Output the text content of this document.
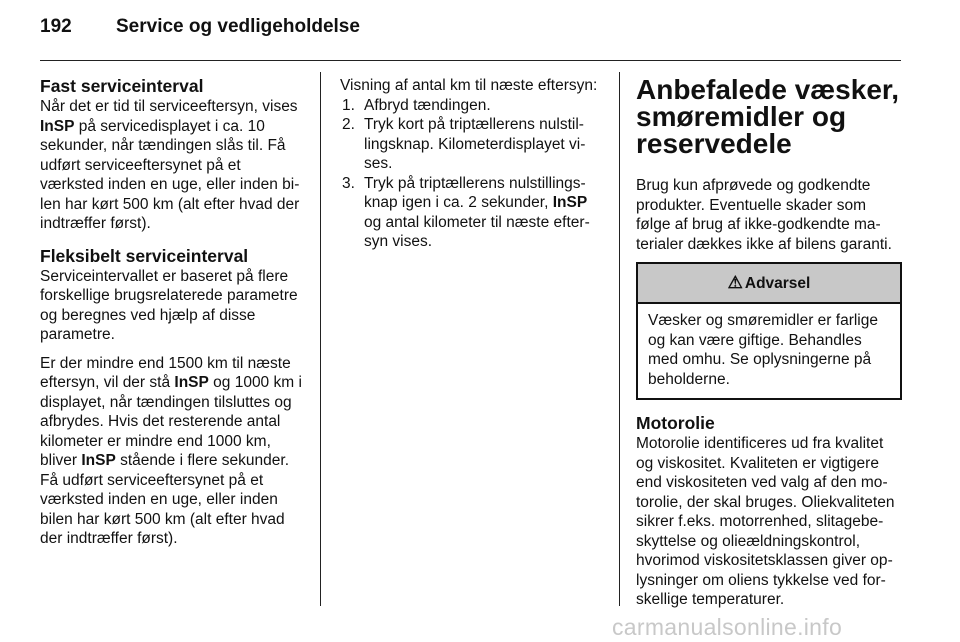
192 Service og vedligeholdelse
Fast serviceinterval

Når det er tid til serviceeftersyn, vises InSP på servicedisplayet i ca. 10 sekunder, når tændingen slås til. Få udført serviceeftersynet på et værksted inden en uge, eller inden bilen har kørt 500 km (alt efter hvad der indtræffer først).

Fleksibelt serviceinterval

Serviceintervallet er baseret på flere forskellige brugsrelaterede parametre og beregnes ved hjælp af disse parametre.

Er der mindre end 1500 km til næste eftersyn, vil der stå InSP og 1000 km i displayet, når tændingen tilsluttes og afbrydes. Hvis det resterende antal kilometer er mindre end 1000 km, bliver InSP stående i flere sekunder. Få udført serviceeftersynet på et værksted inden en uge, eller inden bilen har kørt 500 km (alt efter hvad der indtræffer først).

Visning af antal km til næste eftersyn:

1. Afbryd tændingen.
2. Tryk kort på triptællerens nulstillingsknap. Kilometerdisplayet vises.
3. Tryk på triptællerens nulstillingsknap igen i ca. 2 sekunder, InSP og antal kilometer til næste eftersyn vises.
Anbefalede væsker, smøremidler og reservedele

Brug kun afprøvede og godkendte produkter. Eventuelle skader som følge af brug af ikke-godkendte materialer dækkes ikke af bilens garanti.

⚠ Advarsel
Væsker og smøremidler er farlige og kan være giftige. Behandles med omhu. Se oplysningerne på beholderne.
Motorolie

Motorolie identificeres ud fra kvalitet og viskositet. Kvaliteten er vigtigere end viskositeten ved valg af den motorolie, der skal bruges. Oliekvaliteten sikrer f.eks. motorrenhed, slitagebeskyttelse og olieældningskontrol, hvorimod viskositetsklassen giver oplysninger om oliens tykkelse ved forskellige temperaturer.

carmanualsonline.info
